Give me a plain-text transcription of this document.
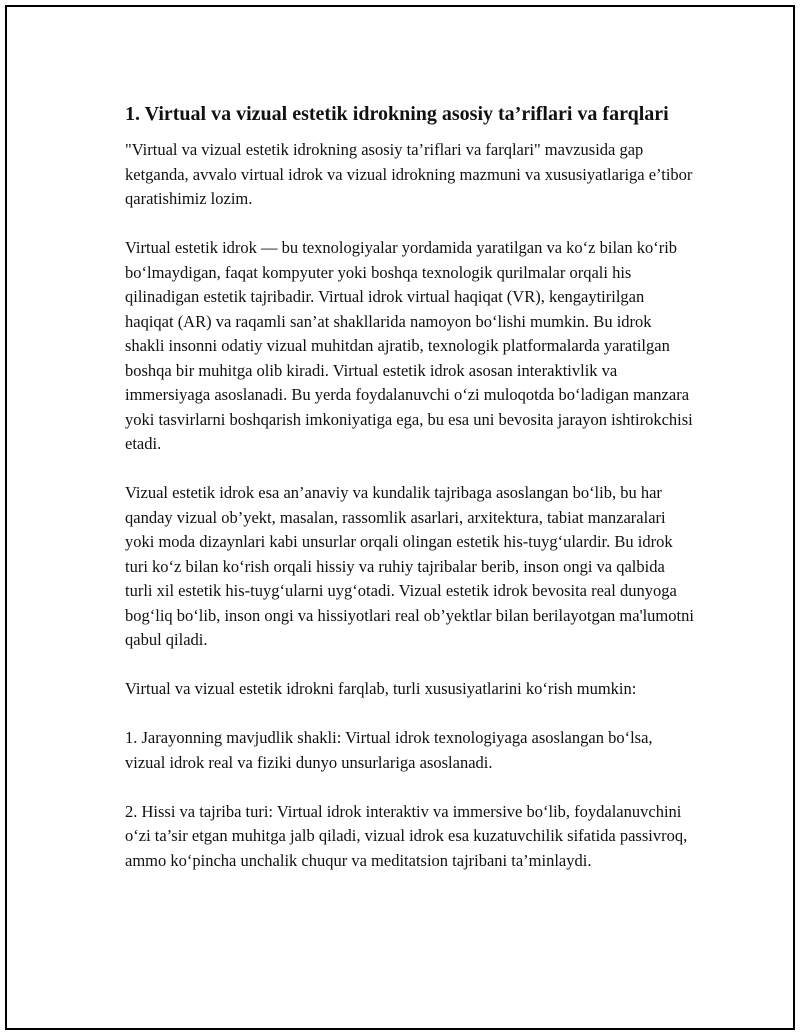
1. Virtual va vizual estetik idrokning asosiy ta’riflari va farqlari

"Virtual va vizual estetik idrokning asosiy ta’riflari va farqlari" mavzusida gap ketganda, avvalo virtual idrok va vizual idrokning mazmuni va xususiyatlariga e’tibor qaratishimiz lozim.

Virtual estetik idrok — bu texnologiyalar yordamida yaratilgan va ko‘z bilan ko‘rib bo‘lmaydigan, faqat kompyuter yoki boshqa texnologik qurilmalar orqali his qilinadigan estetik tajribadir. Virtual idrok virtual haqiqat (VR), kengaytirilgan haqiqat (AR) va raqamli san’at shakllarida namoyon bo‘lishi mumkin. Bu idrok shakli insonni odatiy vizual muhitdan ajratib, texnologik platformalarda yaratilgan boshqa bir muhitga olib kiradi. Virtual estetik idrok asosan interaktivlik va immersiyaga asoslanadi. Bu yerda foydalanuvchi o‘zi muloqotda bo‘ladigan manzara yoki tasvirlarni boshqarish imkoniyatiga ega, bu esa uni bevosita jarayon ishtirokchisi etadi.

Vizual estetik idrok esa an’anaviy va kundalik tajribaga asoslangan bo‘lib, bu har qanday vizual ob’yekt, masalan, rassomlik asarlari, arxitektura, tabiat manzaralari yoki moda dizaynlari kabi unsurlar orqali olingan estetik his-tuyg‘ulardir. Bu idrok turi ko‘z bilan ko‘rish orqali hissiy va ruhiy tajribalar berib, inson ongi va qalbida turli xil estetik his-tuyg‘ularni uyg‘otadi. Vizual estetik idrok bevosita real dunyoga bog‘liq bo‘lib, inson ongi va hissiyotlari real ob’yektlar bilan berilayotgan ma'lumotni qabul qiladi.

Virtual va vizual estetik idrokni farqlab, turli xususiyatlarini ko‘rish mumkin:

1. Jarayonning mavjudlik shakli: Virtual idrok texnologiyaga asoslangan bo‘lsa, vizual idrok real va fiziki dunyo unsurlariga asoslanadi.

2. Hissi va tajriba turi: Virtual idrok interaktiv va immersive bo‘lib, foydalanuvchini o‘zi ta’sir etgan muhitga jalb qiladi, vizual idrok esa kuzatuvchilik sifatida passivroq, ammo ko‘pincha unchalik chuqur va meditatsion tajribani ta’minlaydi.
